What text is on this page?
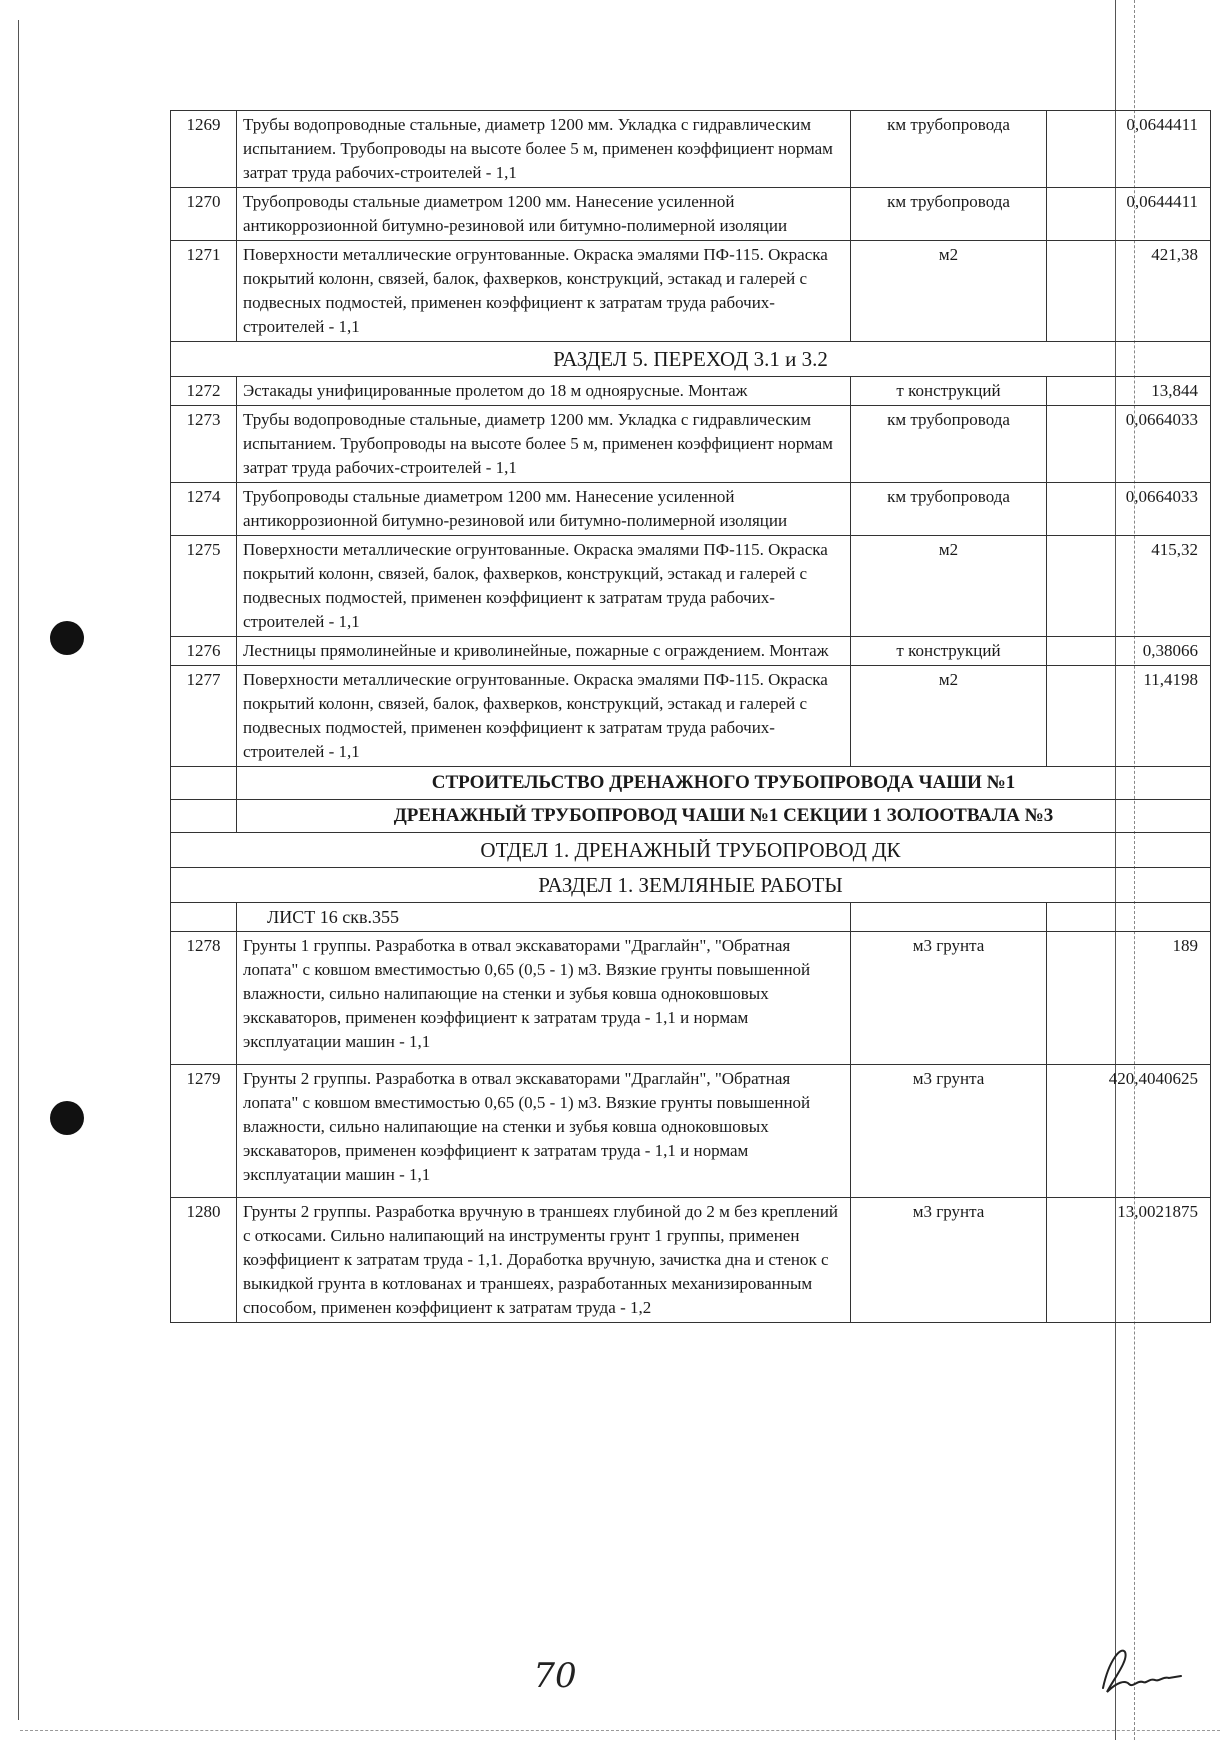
1269	Трубы водопроводные стальные, диаметр 1200 мм. Укладка с гидравлическим испытанием. Трубопроводы на высоте более 5 м, применен коэффициент нормам затрат труда рабочих-строителей - 1,1	км трубопровода	0,0644411
1270	Трубопроводы стальные диаметром 1200 мм. Нанесение усиленной антикоррозионной битумно-резиновой или битумно-полимерной изоляции	км трубопровода	0,0644411
1271	Поверхности металлические огрунтованные. Окраска эмалями ПФ-115. Окраска покрытий колонн, связей, балок, фахверков, конструкций, эстакад и галерей с подвесных подмостей, применен коэффициент к затратам труда рабочих-строителей - 1,1	м2	421,38
РАЗДЕЛ 5. ПЕРЕХОД 3.1 и 3.2			
1272	Эстакады унифицированные пролетом до 18 м одноярусные. Монтаж	т конструкций	13,844
1273	Трубы водопроводные стальные, диаметр 1200 мм. Укладка с гидравлическим испытанием. Трубопроводы на высоте более 5 м, применен коэффициент нормам затрат труда рабочих-строителей - 1,1	км трубопровода	0,0664033
1274	Трубопроводы стальные диаметром 1200 мм. Нанесение усиленной антикоррозионной битумно-резиновой или битумно-полимерной изоляции	км трубопровода	0,0664033
1275	Поверхности металлические огрунтованные. Окраска эмалями ПФ-115. Окраска покрытий колонн, связей, балок, фахверков, конструкций, эстакад и галерей с подвесных подмостей, применен коэффициент к затратам труда рабочих-строителей - 1,1	м2	415,32
1276	Лестницы прямолинейные и криволинейные, пожарные с ограждением. Монтаж	т конструкций	0,38066
1277	Поверхности металлические огрунтованные. Окраска эмалями ПФ-115. Окраска покрытий колонн, связей, балок, фахверков, конструкций, эстакад и галерей с подвесных подмостей, применен коэффициент к затратам труда рабочих-строителей - 1,1	м2	11,4198
	СТРОИТЕЛЬСТВО ДРЕНАЖНОГО ТРУБОПРОВОДА ЧАШИ №1		
	ДРЕНАЖНЫЙ ТРУБОПРОВОД ЧАШИ №1 СЕКЦИИ 1 ЗОЛООТВАЛА №3		
ОТДЕЛ 1. ДРЕНАЖНЫЙ ТРУБОПРОВОД ДК			
РАЗДЕЛ 1. ЗЕМЛЯНЫЕ РАБОТЫ			
	ЛИСТ 16 скв.355		
1278	Грунты 1 группы. Разработка в отвал экскаваторами "Драглайн", "Обратная лопата" с ковшом вместимостью 0,65 (0,5 - 1) м3. Вязкие грунты повышенной влажности, сильно налипающие на стенки и зубья ковша одноковшовых экскаваторов, применен коэффициент к затратам труда - 1,1 и нормам эксплуатации машин - 1,1	м3 грунта	189
1279	Грунты 2 группы. Разработка в отвал экскаваторами "Драглайн", "Обратная лопата" с ковшом вместимостью 0,65 (0,5 - 1) м3. Вязкие грунты повышенной влажности, сильно налипающие на стенки и зубья ковша одноковшовых экскаваторов, применен коэффициент к затратам труда - 1,1 и нормам эксплуатации машин - 1,1	м3 грунта	420,4040625
1280	Грунты 2 группы. Разработка вручную в траншеях глубиной до 2 м без креплений с откосами. Сильно налипающий на инструменты грунт 1 группы, применен коэффициент к затратам труда - 1,1. Доработка вручную, зачистка дна и стенок с выкидкой грунта в котлованах и траншеях, разработанных механизированным способом, применен коэффициент к затратам труда - 1,2	м3 грунта	13,0021875
70
